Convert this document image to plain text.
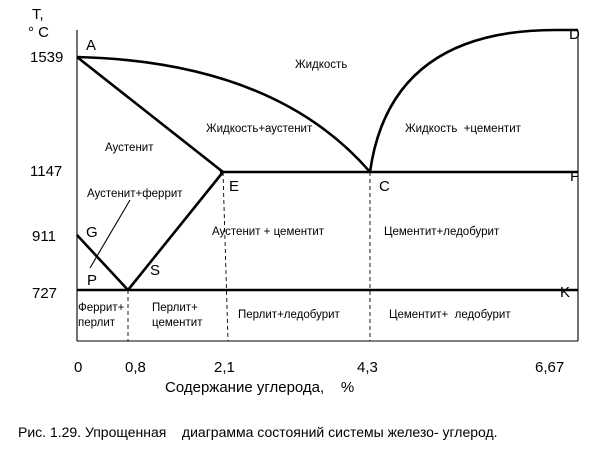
T,
° C
1539
1147
911
727
0	0,8	2,1	4,3	6,67
Содержание углерода,    %
A
D
E	C
F
G
P
S
K
Жидкость
Жидкость+аустенит	Жидкость  +цементит
Аустенит
Аустенит+феррит
Аустенит + цементит	Цементит+ледобурит
Феррит+
перлит
Перлит+
цементит
Перлит+ледобурит	Цементит+  ледобурит
Рис. 1.29. Упрощенная    диаграмма состояний системы железо- углерод.
